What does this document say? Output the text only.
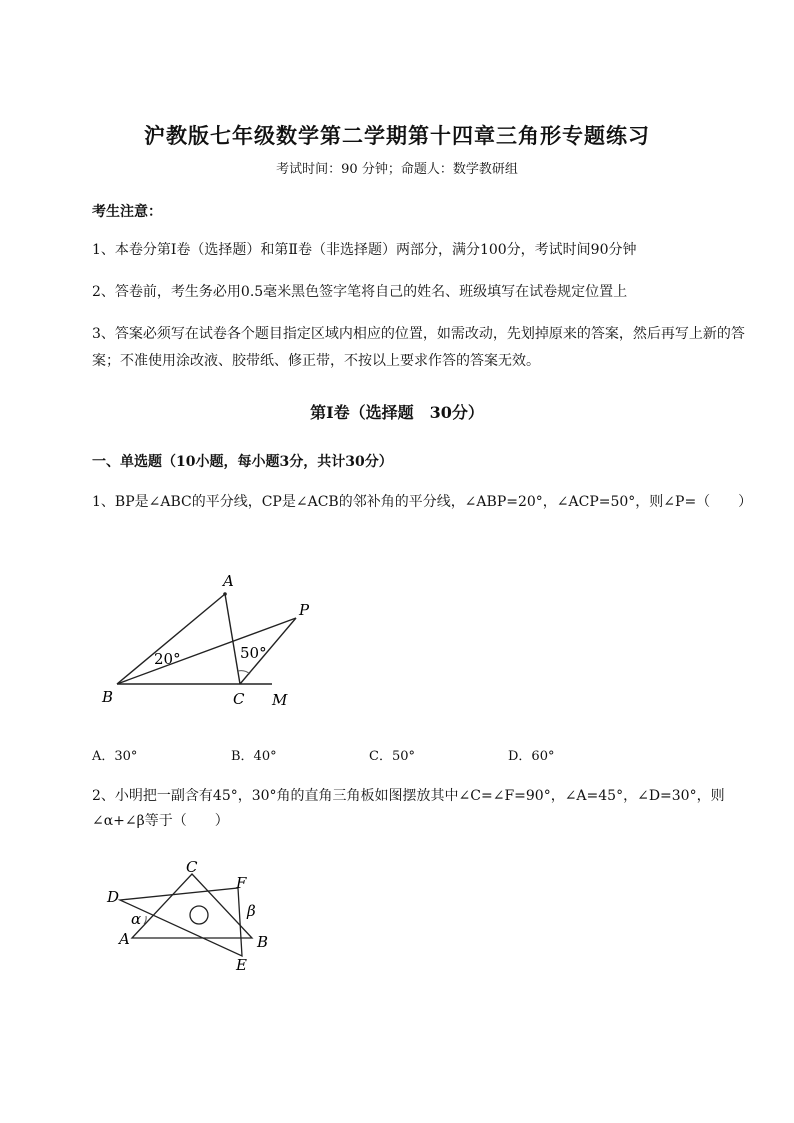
沪教版七年级数学第二学期第十四章三角形专题练习
考试时间：90 分钟；命题人：数学教研组
考生注意：
1、本卷分第Ⅰ卷（选择题）和第Ⅱ卷（非选择题）两部分，满分100分，考试时间90分钟
2、答卷前，考生务必用0.5毫米黑色签字笔将自己的姓名、班级填写在试卷规定位置上
3、答案必须写在试卷各个题目指定区域内相应的位置，如需改动，先划掉原来的答案，然后再写上新的答案；不准使用涂改液、胶带纸、修正带，不按以上要求作答的答案无效。
第Ⅰ卷（选择题　30分）
一、单选题（10小题，每小题3分，共计30分）
1、BP是∠ABC的平分线，CP是∠ACB的邻补角的平分线，∠ABP=20°，∠ACP=50°，则∠P=（　　）
A
B	C M
P
20°	50°
A．30°	B．40°	C．50°	D．60°
2、小明把一副含有45°，30°角的直角三角板如图摆放其中∠C=∠F=90°，∠A=45°，∠D=30°，则∠α+∠β等于（　　）
C
D
F
A	B
E
α	β
